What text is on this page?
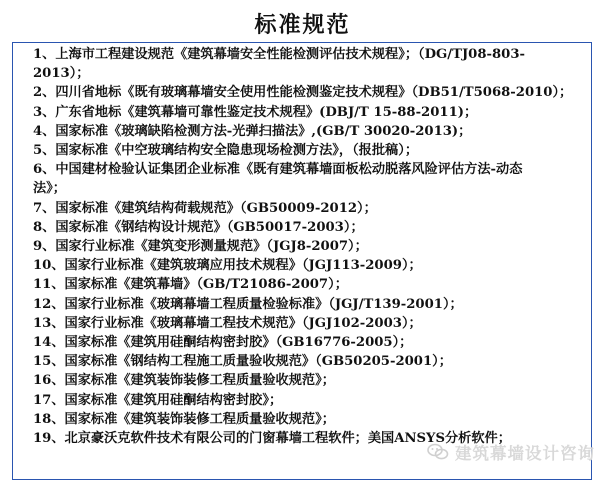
标准规范
1、上海市工程建设规范《建筑幕墙安全性能检测评估技术规程》；（DG/TJ08-803-
2013）；
2、四川省地标《既有玻璃幕墙安全使用性能检测鉴定技术规程》（DB51/T5068-2010）；
3、广东省地标《建筑幕墙可靠性鉴定技术规程》(DBJ/T 15-88-2011)；
4、国家标准《玻璃缺陷检测方法-光弹扫描法》,(GB/T 30020-2013)；
5、国家标准《中空玻璃结构安全隐患现场检测方法》，（报批稿）；
6、中国建材检验认证集团企业标准《既有建筑幕墙面板松动脱落风险评估方法-动态
法》；
7、国家标准《建筑结构荷载规范》（GB50009-2012）；
8、国家标准《钢结构设计规范》（GB50017-2003）；
9、国家行业标准《建筑变形测量规范》（JGJ8-2007）；
10、国家行业标准《建筑玻璃应用技术规程》（JGJ113-2009）；
11、国家标准《建筑幕墙》（GB/T21086-2007）；
12、国家行业标准《玻璃幕墙工程质量检验标准》（JGJ/T139-2001）；
13、国家行业标准《玻璃幕墙工程技术规范》（JGJ102-2003）；
14、国家标准《建筑用硅酮结构密封胶》（GB16776-2005）；
15、国家标准《钢结构工程施工质量验收规范》（GB50205-2001）；
16、国家标准《建筑装饰装修工程质量验收规范》；
17、国家标准《建筑用硅酮结构密封胶》；
18、国家标准《建筑装饰装修工程质量验收规范》；
19、北京豪沃克软件技术有限公司的门窗幕墙工程软件；美国ANSYS分析软件；
建筑幕墙设计咨询
